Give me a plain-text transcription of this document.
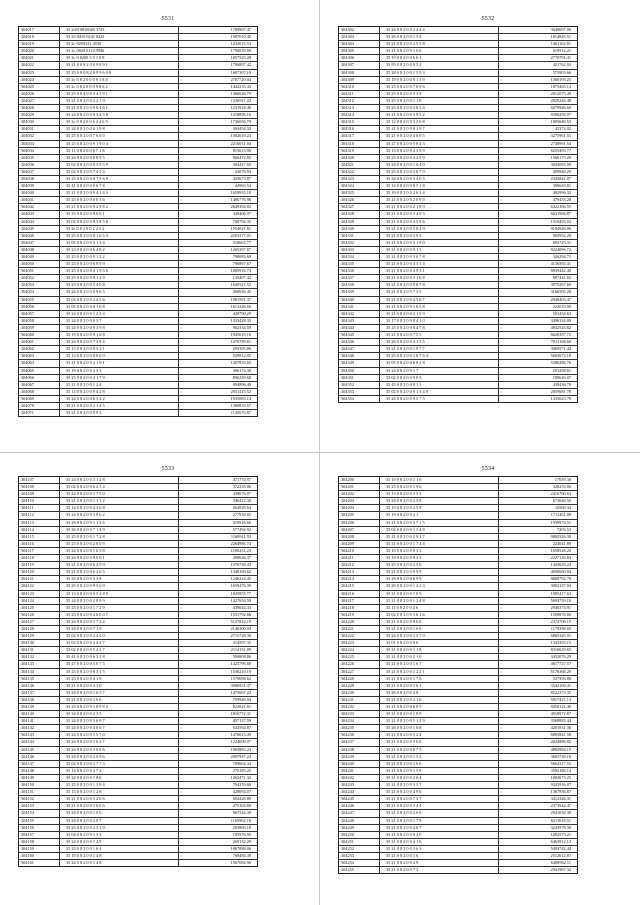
5531
304017	35 2c810810040 3743	1789967.47
304018	35 23 0410 6241 8241	1907010.40
304019	35 2c 8200331 4538	1232015.53
304020	35 2c 0820 0114 9946	1790039.09
304021	35 2c 0 8200 3 9 1 0 8	1857523.28
304022	35 21 0 0 8 2 0 0 9 8 9 1	1786897.42
304023	35 25 0 8 0 8 2 0 9 9 6 0 8	1607307.19
304024	35 2c 0 8 2 0 0 0 9 1 8 8	2707720.04
304025	35 2c 0 8 2 0 0 9 9 8 6 2	1442235.43
304026	35 25 0 8 4 0 8 3 4 5 9 1	1366626.79
304027	35 21 0 8 2 0 0 2 2 1 9	1236911.22
304028	35 21 0 8 2 0 0 9 6 4 6 1	1231918.46
304029	35 24 0 8 2 0 0 9 3 4 5 8	1218896.16
304030	35 2c 0 8 2 0 0 6 4 4 6 5	1736056.79
304031	35 24 0 8 2 0 0 0 1 9 8	304454.32
304032	35 25 0 8 2 0 0 7 6 6 0	1382610.23
304033	35 25 0 8 2 0 0 9 1 9 0 4	2216051.04
304034	35 11 0 8 2 0 0 8 7 1 8	815613.96
304035	35 24 0 8 2 0 0 6 8 9 5	806472.85
304036	35 02 0 8 2 0 0 0 3 9 5 9	304447.65
304037	35 02 0 8 2 0 0 7 4 5 3	23076.93
304038	35 25 0 8 2 0 0 0 7 3 6 9	425673.87
304039	35 41 0 8 2 0 0 0 6 7 4	44963.54
304040	35 21 0 8 2 0 0 9 4 1 4 3	1659935.10
304041	35 23 0 8 2 0 0 0 6 3 6	1406776.98
304042	35 21 0 8 2 0 0 9 2 9 8 2	2649394.82
304043	35 35 0 8 2 0 0 9 0 6 1	349406.97
304044	35 02 0 8 2 0 0 9 3 8 5 8	708794.35
304045	35 2c 0 8 2 0 0 2 2 5 2	1554821.81
304046	35 25 0 8 2 0 0 0 1 6 5 3	2203377.01
304047	35 05 0 8 2 0 0 5 1 3 4	518663.77
304048	35 23 0 8 2 0 0 6 4 8 2	1265397.87
304049	35 25 0 8 2 0 0 9 1 2 2	790083.69
304050	35 23 0 8 2 0 0 6 9 9 9	796897.67
304051	35 25 0 8 2 0 0 4 1 9 3 6	1805916.74
304052	35 25 0 8 2 0 0 0 1 2 9	135407.42
304053	35 23 0 8 2 0 0 5 4 0 8	1640521.52
304054	35 24 0 8 2 0 0 0 9 6 5	368636.45
304055	35 04 0 8 2 0 0 2 4 5 6	1081591.37
304056	35 05 0 8 2 0 0 0 1 6 8	1613246.56
304057	35 24 0 8 2 0 0 1 2 2 4	428790.29
304058	35 24 0 8 2 0 0 0 3 7	1333428.35
304059	35 24 0 8 2 0 0 9 3 9 8	962334.59
304060	35 19 0 8 2 0 0 9 1 6 8	1945619.16
304061	35 24 0 8 2 0 0 7 2 9 4	1470789.61
304062	35 13 0 8 2 0 0 0 5 2 1	293395.86
304063	35 13 0 8 2 0 0 0 8 6 9	529812.85
304064	35 21 0 8 2 0 0 2 1 9 1	1307835.65
304065	35 19 0 8 2 0 0 2 3 3	366174.30
304066	35 25 0 8 2 0 0 4 1 7 9	896239.68
304067	35 21 0 8 2 0 0 1 2 4	894896.40
304068	35 14 0 8 2 0 0 9 4 2 8	2051415.52
304069	35 24 0 8 2 0 0 6 3 4 2	1935083.14
304070	35 21 0 8 2 0 0 2 1 4 5	1380833.57
304071	35 21 0 8 2 0 0 9 9 3	1145676.87
5532
304302	35 24 0 8 2 0 0 2 2 4 4	3649697.00
304303	35 26 0 8 2 0 0 1 5 9	1814845.51
304304	35 21 0 8 2 0 0 2 5 5 8	1401162.81
304305	35 21 0 8 2 0 0 1 6 6	619512.21
304306	35 19 0 8 2 0 0 6 6 1	2770791.41
304307	35 95 0 8 2 0 0 9 5 2	421762.02
304308	35 28 0 8 2 0 0 1 5 9 3	575903.66
304309	35 19 0 8 2 0 0 9 1 3 9	1360193.25
304310	35 25 0 8 2 0 0 7 0 9 6	1875465.14
304311	35 25 0 8 2 0 0 5 3 9	2812075.49
304312	35 25 0 8 2 0 0 1 1 8	2829246.48
304313	35 23 0 8 2 0 0 3 8 3 4	6070946.60
304314	35 21 0 8 2 0 0 3 9 5 2	9390294.97
304315	35 12 0 8 2 0 0 3 2 6 8	1805646.53
304316	35 21 0 8 2 0 0 0 1 9 7	43374.02
304317	35 21 0 8 2 0 0 4 6 9 5	3275961.51
304318	35 27 0 8 2 0 0 5 8 4 3	2740991.54
304319	35 13 0 8 2 0 0 4 3 9 9	8255493.77
304320	35 23 0 8 2 0 0 4 2 9 9	1566175.20
304321	35 24 0 8 2 0 0 1 6 4 0	3043083.09
304322	35 25 0 8 2 0 0 5 6 7 0	489840.29
304323	35 34 0 8 2 0 0 3 4 0 3	2345841.07
304324	35 14 0 8 2 0 0 8 5 1 8	396643.81
304325	35 19 0 8 2 0 0 2 6 1 4	482996.32
304326	35 21 0 8 2 0 0 2 0 9 9	479453.28
304327	35 21 0 8 2 0 0 2 1 8 9	6322166.55
304328	35 21 0 8 2 0 0 3 4 9 3	6631966.87
304329	35 21 0 8 2 0 0 4 5 9 6	1310493.02
304330	35 21 0 8 2 0 0 5 8 4 9	9104946.86
304331	35 21 0 8 2 0 0 5 9 3	965952.28
304332	35 21 0 8 2 0 0 5 1 9 0	803725.31
304333	35 21 0 8 2 0 0 9 1 1	8224096.72
304334	35 21 0 8 2 0 0 3 0 7 8	326294.71
304335	35 21 0 8 2 0 0 4 3 1 4	4136565.41
304336	35 21 0 8 2 0 0 4 9 3 1	8839442.40
304337	35 21 0 8 2 0 0 3 1 6 8	887441.65
304338	35 21 0 8 2 0 0 9 6 7 8	3975297.69
304339	35 21 0 8 2 0 0 7 3 5	3166505.28
304340	35 21 0 8 2 0 0 4 5 6 7	2946403.47
304341	35 21 0 8 2 0 0 1 6 5 8	222019.00
304342	35 21 0 8 2 0 0 2 1 9 9	501434.63
304343	35 17 0 8 2 0 0 8 4 1 0	3496334.00
304344	35 25 0 8 2 0 0 8 4 7 8	4842543.82
304345	35 21 0 8 2 0 0 7 5 5	6620397.72
304346	35 26 0 8 2 0 0 4 1 5 5	7811168.60
304347	35 21 0 8 2 0 0 1 9 7 7	3069571.44
304348	35 25 0 8 2 0 0 1 6 7 6 4	5603672.18
304349	35 05 0 8 2 0 0 6 8 2 8	5386286.76
304350	35 24 0 8 2 0 0 1 7	291268.61
304351	35 02 0 8 2 0 0 9 8 5	189626.07
304352	35 45 0 8 2 0 0 9 1 1	439436.79
304353	35 02 0 8 2 0 0 9 1 3 4 9	2859681.78
304354	35 26 0 8 2 0 0 9 5 7 5	1435623.79
5533
304107	35 24 0 8 2 0 0 3 1 2 8	471774.97
304108	35 02 0 8 2 0 0 6 2 5 4	372235.86
304109	35 42 0 8 2 0 0 1 7 5 0	439676.07
304110	35 21 0 8 2 0 0 1 1 1 2	346412.30
304111	35 14 0 8 2 0 0 4 3 6 8	364928.64
304112	35 24 0 8 2 0 0 5 8 6 2	277938.82
304113	35 26 0 8 2 0 0 1 1 2 6	319916.66
304114	35 26 0 8 2 0 0 7 1 4 9	577494.92
304115	35 25 0 8 2 0 0 1 7 2 8	1168911.93
304116	35 23 0 8 2 0 0 2 0 0 9	2264986.74
304117	35 24 0 8 2 0 0 1 6 5 8	1100231.23
304118	35 24 0 8 2 0 0 9 0 0 1	499636.37
304119	35 21 0 8 2 0 0 6 4 9 9	1376738.43
304120	35 21 0 8 2 0 0 6 2 6 5	1348169.62
304121	35 35 0 8 2 0 0 5 3 8	1246224.45
304122	35 25 0 8 2 0 0 9 5 0 9	1659476.39
304123	35 13 0 8 2 0 0 0 5 2 8 9	1845855.77
304124	35 24 0 8 2 0 0 2 8 9 9	1427654.58
304125	35 23 0 8 2 0 0 1 7 2 9	439644.43
304126	35 23 0 8 2 0 0 4 6 0 0 7	1531792.66
304127	35 24 0 8 2 0 0 1 7 2 4	5127822.19
304128	35 24 0 8 2 0 0 7 1 9	2146300.04
304129	35 02 0 8 2 0 0 2 4 2 0	2715728.30
304130	35 02 0 8 2 0 0 2 4 2 7	314597.35
304131	35 02 0 8 2 0 0 5 4 2 7	2114151.09
304132	35 41 0 8 2 0 0 6 3 1 8	590808.86
304133	35 27 0 8 2 0 0 3 0 7 5	1425796.60
304134	35 23 0 8 2 0 0 8 3 1 5	1538210.19
304135	35 23 0 8 2 0 0 4 1 9	1579698.62
304136	35 21 0 8 2 0 0 4 3 0	3086951.37
304137	35 24 0 8 2 0 0 1 6 3 7	1475667.22
304138	35 21 0 8 2 0 0 1 6 6	759948.04
304139	35 23 0 8 2 0 0 1 8 9 8 2	822821.81
304140	35 34 0 8 2 0 0 2 3 5	1816772.31
304141	35 24 0 8 2 0 0 5 6 9 7	457137.59
304142	35 24 0 8 2 0 0 4 0 6 7	633564.87
304143	35 24 0 8 2 0 0 1 5 7 0	1476613.49
304144	35 24 0 8 2 0 0 1 6 2 7	1224699.07
304145	35 24 0 8 2 0 0 3 9 6 6	1065883.24
304146	35 24 0 8 2 0 0 2 0 9 6	2097947.24
304147	35 02 0 8 2 0 0 1 7 7 3	789664.34
304148	35 14 0 8 2 0 0 2 7 2	270185.25
304149	35 24 0 8 2 0 0 1 8 6	1262471.32
304150	35 25 0 8 2 0 0 1 3 8 4	794376.60
304151	35 13 0 8 2 0 0 1 2 8	428694.07
304152	35 21 0 8 2 0 0 5 2 0 6	604428.80
304153	35 21 0 8 2 0 0 1 6 0 6	475104.88
304154	35 24 0 8 2 0 0 1 0 6	967544.39
304155	35 24 0 8 2 0 0 2 9 7	1165962.18
304156	35 23 0 8 2 0 0 2 3 1 9	283869.18
304157	35 04 0 8 2 0 0 1 3 2	185976.95
304158	35 24 0 8 2 0 0 1 4 9	269132.29
304159	35 23 0 8 2 0 0 1 6 4	1867888.06
304160	35 19 0 8 2 0 0 1 4 8	768484.49
304161	35 24 0 8 2 0 0 1 4 8	1567084.96
5534
304200	35 19 0 8 2 0 0 1 1 6	17659.30
304201	35 25 0 8 2 0 0 1 9 6	328253.86
304202	35 13 0 8 2 0 0 3 5 3	2416760.63
304203	35 24 0 8 2 0 0 2 5 8	673646.50
304204	35 19 0 8 2 0 0 2 5 8	16569.34
304205	35 19 0 8 2 0 0 2 1	1711461.88
304206	35 21 0 8 2 0 0 5 7 1 5	1939974.51
304207	35 02 0 8 2 0 0 1 3 4 8	7203.53
304208	35 21 0 8 2 0 0 2 9 1 7	9865326.30
304209	35 21 0 8 2 0 0 1 7 4 4	224041.89
304210	35 10 0 8 2 0 0 8 3 3	1658526.20
304211	35 19 0 8 2 0 0 8 3 3	2227130.84
304212	35 25 0 8 2 0 0 2 5 0	1443633.24
304213	35 21 0 8 2 0 0 9 9 9	4690660.84
304214	35 26 0 8 2 0 0 6 9 9	9668792.79
304215	35 29 0 8 2 0 0 1 4 2 3	3902157.94
304216	35 21 0 8 2 0 0 1 6 9	1905417.63
304217	35 21 0 8 2 0 0 1 2 4 8	5693759.10
304218	35 11 0 8 2 0 0 2 6	2946374.91
304219	35 02 0 8 2 0 0 3 6 1 6	1508878.80
304220	35 21 0 8 2 0 0 8 6 6	2374706.15
304221	35 21 0 8 2 0 0 1 6 6	1179398.65
304222	35 24 0 8 2 0 0 1 5 7 0	6865345.91
304223	35 01 0 8 2 0 0 9 6	1343393.15
304224	35 21 0 8 2 0 0 1 1 8	8316629.65
304225	35 21 0 8 2 0 0 2 1 0	3452076.29
304226	35 21 0 8 2 0 0 1 6 7	3617727.57
304227	35 21 0 8 2 0 0 1 2 2 1	5176368.20
304228	35 21 0 8 2 0 0 1 7 6	337393.88
304229	35 21 0 8 2 0 0 1 6 1	3542169.41
304230	35 26 0 8 2 0 0 4 8	8522373.35
304231	35 21 0 8 2 0 0 2 1 6	5817421.13
304232	35 21 0 8 2 0 0 6 8 5	9456121.40
304233	35 21 0 8 2 0 0 1 8 9	4918972.87
304234	35 21 0 8 2 0 0 5 1 2 9	3568882.44
304235	35 26 0 8 2 0 0 1 0 8	4201831.36
304236	35 21 0 8 2 0 0 5 2 4	6883841.58
304237	35 21 0 8 2 0 0 5 6 6	2824886.82
304238	35 21 0 8 2 0 0 6 7 5	4882984.15
304239	35 21 0 8 2 0 0 1 5 2	3603739.18
304240	35 21 0 8 2 0 0 1 6 6	5664317.55
304241	35 21 0 8 2 0 0 1 5 8	3592186.14
304242	35 21 0 8 2 0 0 2 6 4	1082673.25
304243	35 21 0 8 2 0 0 3 5 7	9343916.07
304244	35 21 0 8 2 0 0 4 9 6	1367836.87
304245	35 21 0 8 2 0 0 7 3 7	3412346.31
304246	35 21 0 8 2 0 0 3 4 4	2373944.47
304247	35 21 0 8 2 0 0 2 6 6	2941632.38
304248	35 21 0 8 2 0 0 1 7 9	6211618.51
304249	35 21 0 8 2 0 0 4 6 7	3243978.38
304250	35 21 0 8 2 0 0 9 2 0	1282573.21
304251	35 21 0 8 2 0 0 4 1 6	6463912.13
304252	35 21 0 8 2 0 0 3 6 3	5493742.44
304253	35 21 0 8 2 0 0 1 6	2512612.81
304254	35 21 0 8 2 0 0 4 9	6408962.11
304255	35 21 0 8 2 0 0 7 2	2941967.32
